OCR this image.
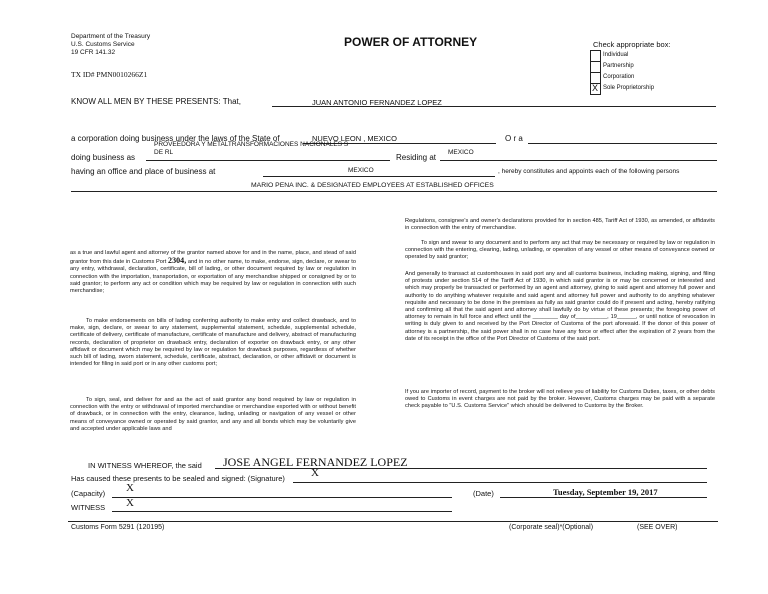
Department of the Treasury
U.S. Customs Service
19 CFR 141.32
POWER OF ATTORNEY
TX ID# PMN0010266Z1
Check appropriate box:
Individual
Partnership
Corporation
X Sole Proprietorship
KNOW ALL MEN BY THESE PRESENTS: That,	JUAN ANTONIO FERNANDEZ LOPEZ
a corporation doing business under the laws of the State of	NUEVO LEON , MEXICO	O r a
doing business as
PROVEEDORA Y METALTRANSFORMACIONES NACIONALES S
DE RL
Residing at
MEXICO
having an office and place of business at	MEXICO	, hereby constitutes and appoints each of the following persons
MARIO PENA INC. & DESIGNATED EMPLOYEES AT ESTABLISHED OFFICES
as a true and lawful agent and attorney of the grantor named above for and in the name, place, and stead of said grantor from this date in Customs Port 2304, and in no other name, to make, endorse, sign, declare, or swear to any entry, withdrawal, declaration, certificate, bill of lading, or other document required by law or regulation in connection with the importation, transportation, or exportation of any merchandise shipped or consigned by or to said grantor; to perform any act or condition which may be required by law or regulation in connection with such merchandise;
To make endorsements on bills of lading conferring authority to make entry and collect drawback, and to make, sign, declare, or swear to any statement, supplemental statement, schedule, supplemental schedule, certificate of delivery, certificate of manufacture, certificate of manufacture and delivery, abstract of manufacturing records, declaration of proprietor on drawback entry, declaration of exporter on drawback entry, or any other affidavit or document which may be required by law or regulation for drawback purposes, regardless of whether such bill of lading, sworn statement, schedule, certificate, abstract, declaration, or other affidavit or document is intended for filing in said port or in any other customs port;
To sign, seal, and deliver for and as the act of said grantor any bond required by law or regulation in connection with the entry or withdrawal of imported merchandise or merchandise exported with or without benefit of drawback, or in connection with the entry, clearance, lading, unlading or navigation of any vessel or other means of conveyance owned or operated by said grantor, and any and all bonds which may be voluntarily give and accepted under applicable laws and
Regulations, consignee's and owner's declarations provided for in section 485, Tariff Act of 1930, as amended, or affidavits in connection with the entry of merchandise.
To sign and swear to any document and to perform any act that may be necessary or required by law or regulation in connection with the entering, clearing, lading, unlading, or operation of any vessel or other means of conveyance owned or operated by said grantor;
And generally to transact at customhouses in said port any and all customs business, including making, signing, and filing of protests under section 514 of the Tariff Act of 1930, in which said grantor is or may be concerned or interested and which may properly be transacted or performed by an agent and attorney, giving to said agent and attorney full power and authority to do anything whatever requisite and said agent and attorney full power and authority to do anything whatever requisite and necessary to be done in the premises as fully as said grantor could do if present and acting, hereby ratifying and confirming all that the said agent and attorney shall lawfully do by virtue of these presents; the foregoing power of attorney to remain in full force and effect until the ________ day of__________, 19______, or until notice of revocation in writing is duly given to and received by the Port Director of Customs of the port aforesaid. If the donor of this power of attorney is a partnership, the said power shall in no case have any force or effect after the expiration of 2 years from the date of its receipt in the office of the Port Director of Customs of the said port.
If you are importer of record, payment to the broker will not relieve you of liability for Customs Duties, taxes, or other debts owed to Customs in event charges are not paid by the broker. However, Customs charges may be paid with a separate check payable to "U.S. Customs Service" which should be delivered to Customs by the Broker.
IN WITNESS WHEREOF, the said JOSE ANGEL FERNANDEZ LOPEZ
Has caused these presents to be sealed and signed: (Signature) X
(Capacity) X	(Date)	Tuesday, September 19, 2017
WITNESS X
Customs Form 5291 (120195)	(Corporate seal)*(Optional)	(SEE OVER)
